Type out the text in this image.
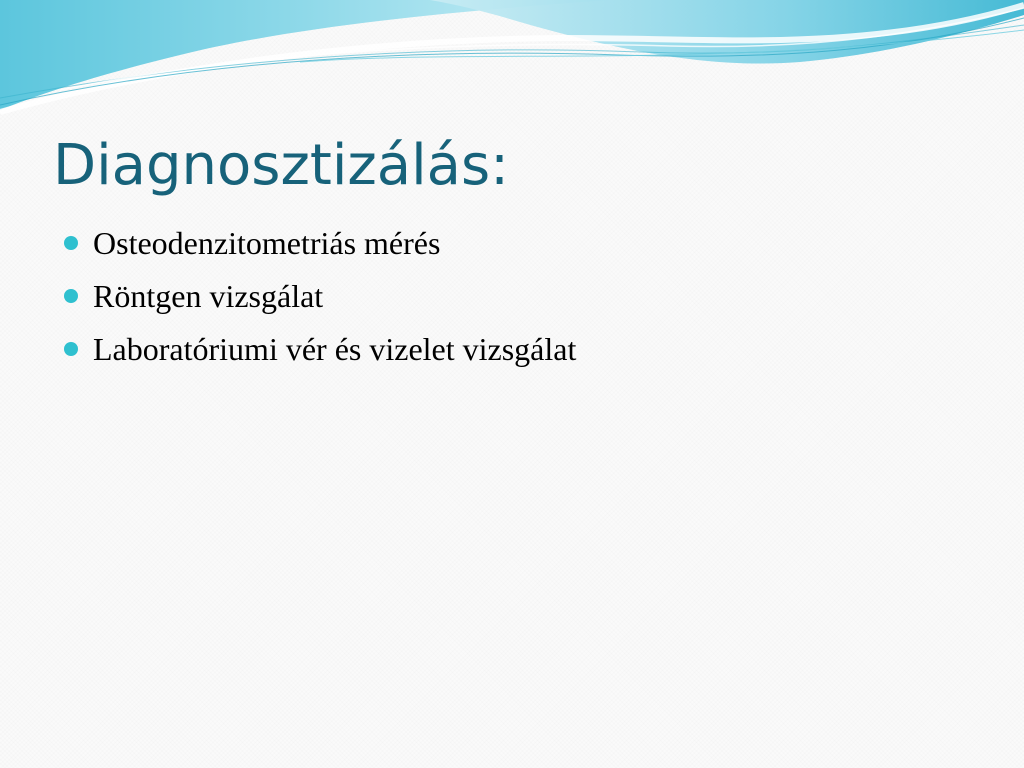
Diagnosztizálás:
Osteodenzitometriás mérés
Röntgen vizsgálat
Laboratóriumi vér és vizelet vizsgálat
